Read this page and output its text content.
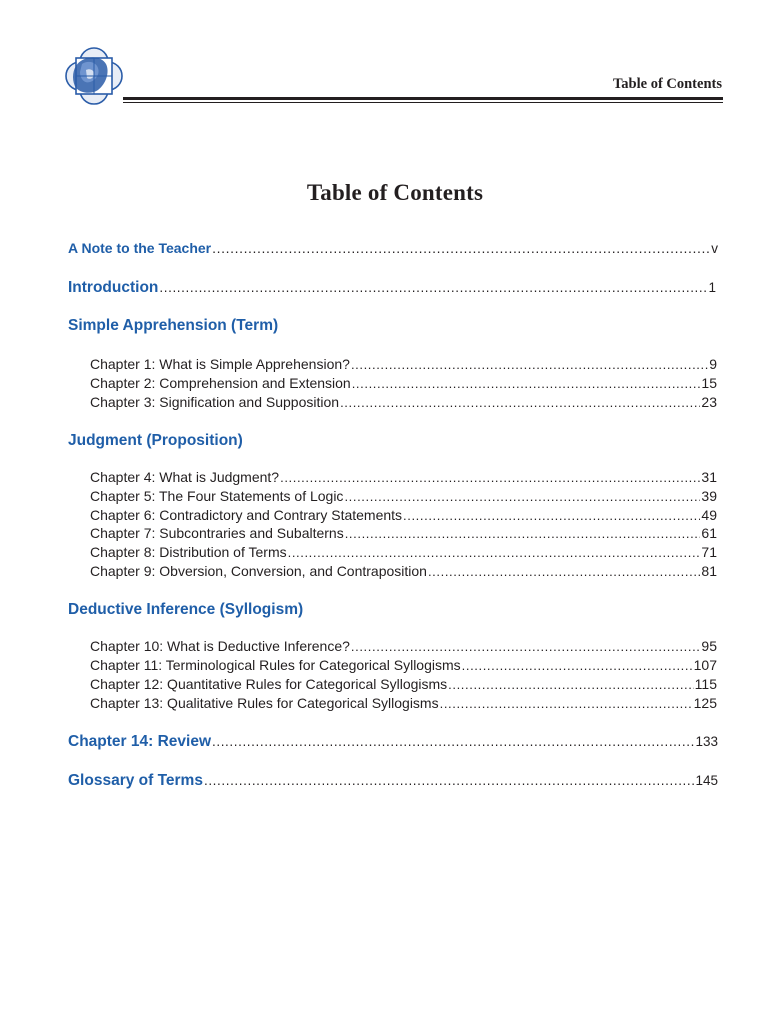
Table of Contents
Table of Contents
A Note to the Teacher .....	v
Introduction .....	1
Simple Apprehension (Term)
Chapter 1: What is Simple Apprehension? .....	9
Chapter 2: Comprehension and Extension .....	15
Chapter 3: Signification and Supposition .....	23
Judgment (Proposition)
Chapter 4: What is Judgment? .....	31
Chapter 5: The Four Statements of Logic .....	39
Chapter 6: Contradictory and Contrary Statements .....	49
Chapter 7: Subcontraries and Subalterns .....	61
Chapter 8: Distribution of Terms .....	71
Chapter 9: Obversion, Conversion, and Contraposition .....	81
Deductive Inference (Syllogism)
Chapter 10: What is Deductive Inference? .....	95
Chapter 11: Terminological Rules for Categorical Syllogisms .....	107
Chapter 12: Quantitative Rules for Categorical Syllogisms .....	115
Chapter 13: Qualitative Rules for Categorical Syllogisms .....	125
Chapter 14: Review .....	133
Glossary of Terms .....	145
